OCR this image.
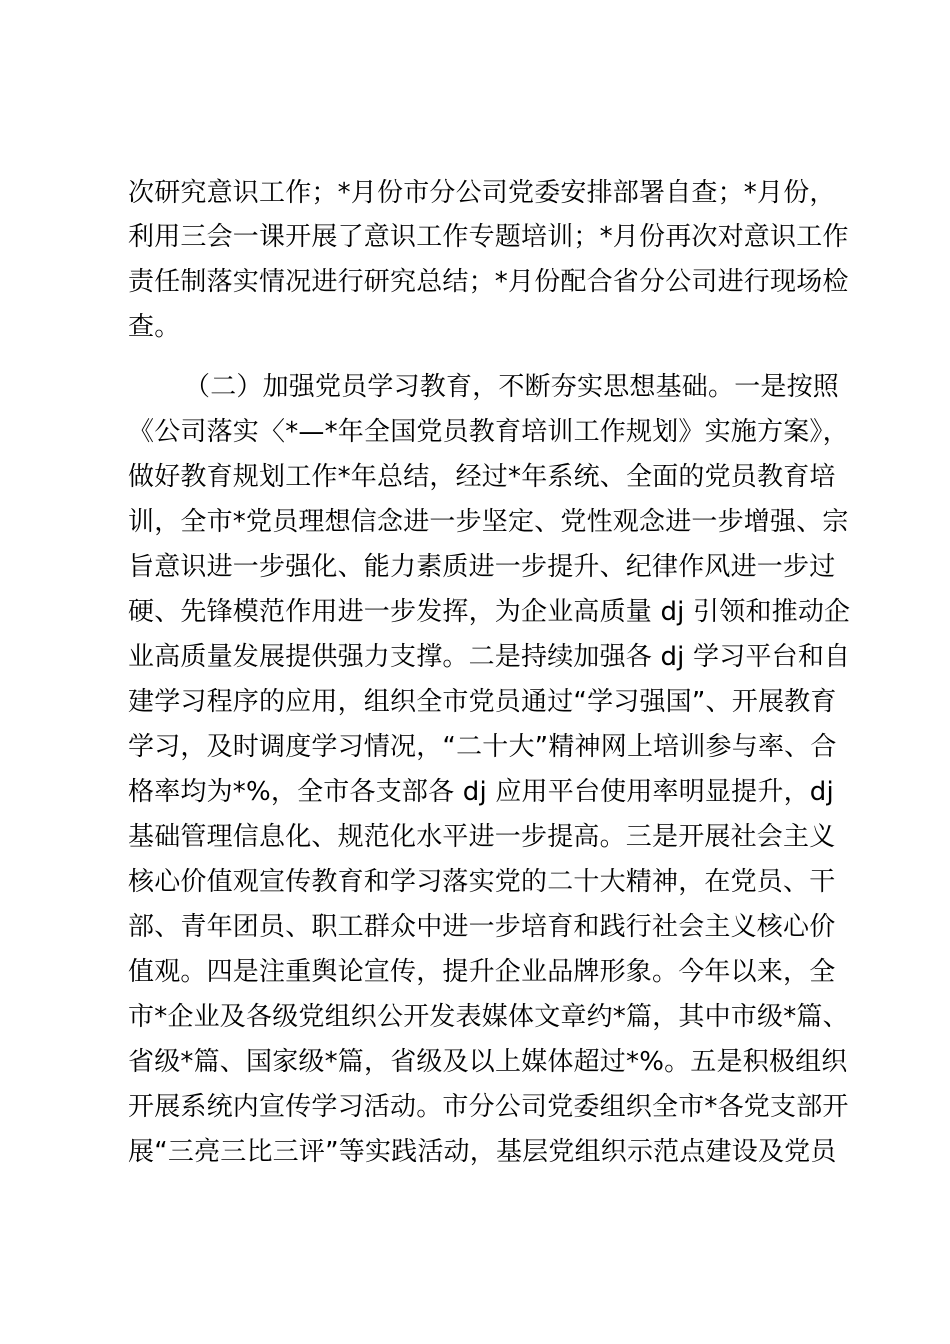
次研究意识工作；*月份市分公司党委安排部署自查；*月份，
利用三会一课开展了意识工作专题培训；*月份再次对意识工作
责任制落实情况进行研究总结；*月份配合省分公司进行现场检
查。
（二）加强党员学习教育，不断夯实思想基础。一是按照
《公司落实〈*—*年全国党员教育培训工作规划》实施方案》，
做好教育规划工作*年总结，经过*年系统、全面的党员教育培
训，全市*党员理想信念进一步坚定、党性观念进一步增强、宗
旨意识进一步强化、能力素质进一步提升、纪律作风进一步过
硬、先锋模范作用进一步发挥，为企业高质量 dj 引领和推动企
业高质量发展提供强力支撑。二是持续加强各 dj 学习平台和自
建学习程序的应用，组织全市党员通过“学习强国”、开展教育
学习，及时调度学习情况，“二十大”精神网上培训参与率、合
格率均为*%，全市各支部各 dj 应用平台使用率明显提升，dj
基础管理信息化、规范化水平进一步提高。三是开展社会主义
核心价值观宣传教育和学习落实党的二十大精神，在党员、干
部、青年团员、职工群众中进一步培育和践行社会主义核心价
值观。四是注重舆论宣传，提升企业品牌形象。今年以来，全
市*企业及各级党组织公开发表媒体文章约*篇，其中市级*篇、
省级*篇、国家级*篇，省级及以上媒体超过*%。五是积极组织
开展系统内宣传学习活动。市分公司党委组织全市*各党支部开
展“三亮三比三评”等实践活动，基层党组织示范点建设及党员
